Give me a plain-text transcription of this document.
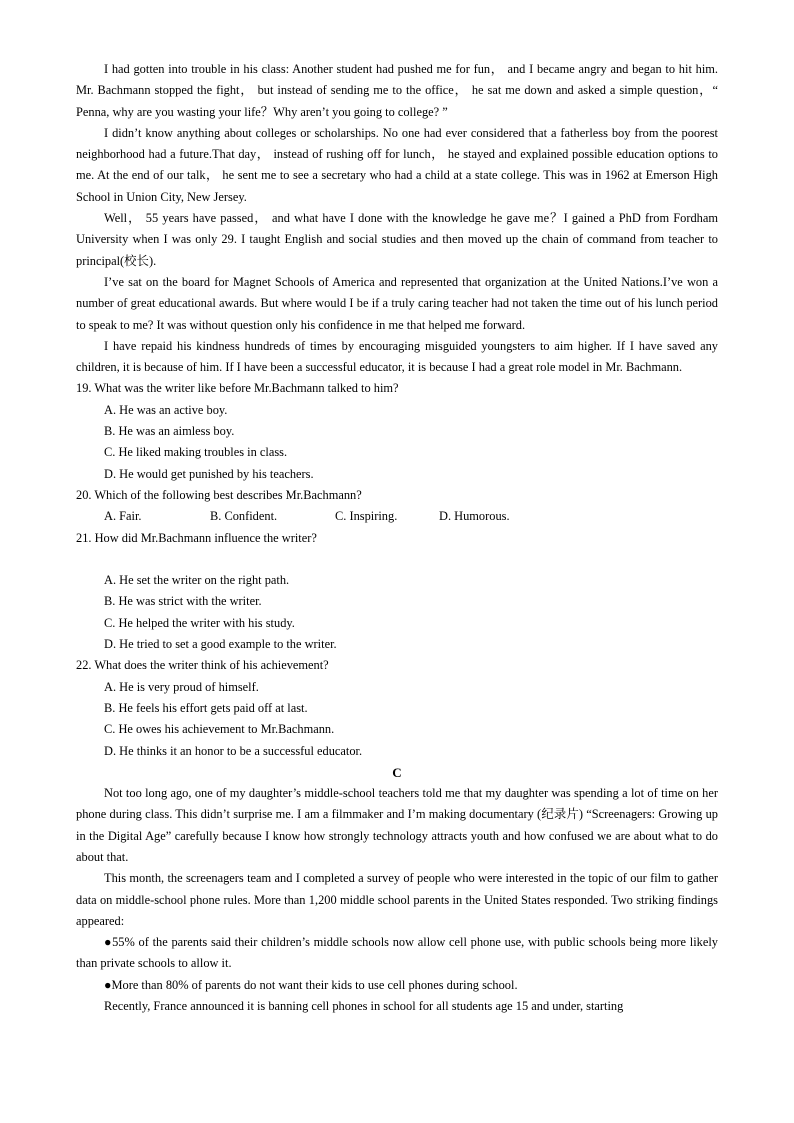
I had gotten into trouble in his class: Another student had pushed me for fun， and I became angry and began to hit him. Mr. Bachmann stopped the fight， but instead of sending me to the office， he sat me down and asked a simple question，“ Penna, why are you wasting your life？Why aren’t you going to college? ”

I didn’t know anything about colleges or scholarships. No one had ever considered that a fatherless boy from the poorest neighborhood had a future.That day， instead of rushing off for lunch， he stayed and explained possible education options to me. At the end of our talk， he sent me to see a secretary who had a child at a state college. This was in 1962 at Emerson High School in Union City, New Jersey.

Well， 55 years have passed， and what have I done with the knowledge he gave me？I gained a PhD from Fordham University when I was only 29. I taught English and social studies and then moved up the chain of command from teacher to principal(校长).

I’ve sat on the board for Magnet Schools of America and represented that organization at the United Nations.I’ve won a number of great educational awards. But where would I be if a truly caring teacher had not taken the time out of his lunch period to speak to me? It was without question only his confidence in me that helped me forward.

I have repaid his kindness hundreds of times by encouraging misguided youngsters to aim higher. If I have saved any children, it is because of him. If I have been a successful educator, it is because I had a great role model in Mr. Bachmann.

19. What was the writer like before Mr.Bachmann talked to him?

A. He was an active boy.

B. He was an aimless boy.

C. He liked making troubles in class.

D. He would get punished by his teachers.

20. Which of the following best describes Mr.Bachmann?

A. Fair.	B. Confident.	C. Inspiring.	D. Humorous.

21. How did Mr.Bachmann influence the writer?

A. He set the writer on the right path.

B. He was strict with the writer.

C. He helped the writer with his study.

D. He tried to set a good example to the writer.

22. What does the writer think of his achievement?

A. He is very proud of himself.

B. He feels his effort gets paid off at last.

C. He owes his achievement to Mr.Bachmann.

D. He thinks it an honor to be a successful educator.

C

Not too long ago, one of my daughter’s middle-school teachers told me that my daughter was spending a lot of time on her phone during class. This didn’t surprise me. I am a filmmaker and I’m making documentary (纪录片) “Screenagers: Growing up in the Digital Age” carefully because I know how strongly technology attracts youth and how confused we are about what to do about that.

This month, the screenagers team and I completed a survey of people who were interested in the topic of our film to gather data on middle-school phone rules. More than 1,200 middle school parents in the United States responded. Two striking findings appeared:

●55% of the parents said their children’s middle schools now allow cell phone use, with public schools being more likely than private schools to allow it.

●More than 80% of parents do not want their kids to use cell phones during school.

Recently, France announced it is banning cell phones in school for all students age 15 and under, starting
